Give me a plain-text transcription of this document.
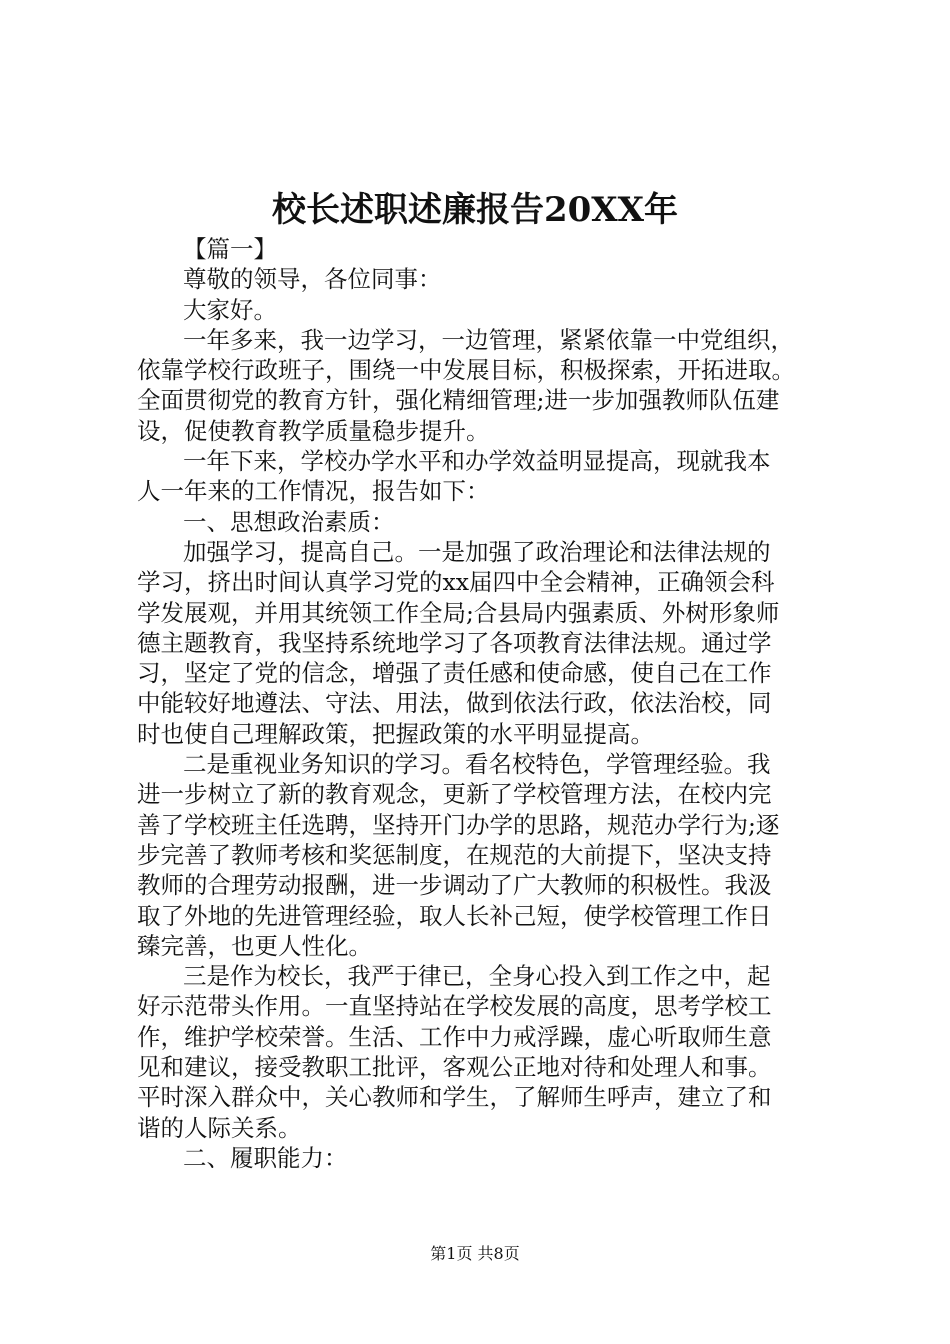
校长述职述廉报告20XX年
【篇一】
尊敬的领导，各位同事：
大家好。
一年多来，我一边学习，一边管理，紧紧依靠一中党组织，
依靠学校行政班子，围绕一中发展目标，积极探索，开拓进取。
全面贯彻党的教育方针，强化精细管理;进一步加强教师队伍建
设，促使教育教学质量稳步提升。
一年下来，学校办学水平和办学效益明显提高，现就我本
人一年来的工作情况，报告如下：
一、思想政治素质：
加强学习，提高自己。一是加强了政治理论和法律法规的
学习，挤出时间认真学习党的xx届四中全会精神，正确领会科
学发展观，并用其统领工作全局;合县局内强素质、外树形象师
德主题教育，我坚持系统地学习了各项教育法律法规。通过学
习，坚定了党的信念，增强了责任感和使命感，使自己在工作
中能较好地遵法、守法、用法，做到依法行政，依法治校，同
时也使自己理解政策，把握政策的水平明显提高。
二是重视业务知识的学习。看名校特色，学管理经验。我
进一步树立了新的教育观念，更新了学校管理方法，在校内完
善了学校班主任选聘，坚持开门办学的思路，规范办学行为;逐
步完善了教师考核和奖惩制度，在规范的大前提下，坚决支持
教师的合理劳动报酬，进一步调动了广大教师的积极性。我汲
取了外地的先进管理经验，取人长补己短，使学校管理工作日
臻完善，也更人性化。
三是作为校长，我严于律已，全身心投入到工作之中，起
好示范带头作用。一直坚持站在学校发展的高度，思考学校工
作，维护学校荣誉。生活、工作中力戒浮躁，虚心听取师生意
见和建议，接受教职工批评，客观公正地对待和处理人和事。
平时深入群众中，关心教师和学生，了解师生呼声，建立了和
谐的人际关系。
二、履职能力：
第1页 共8页
